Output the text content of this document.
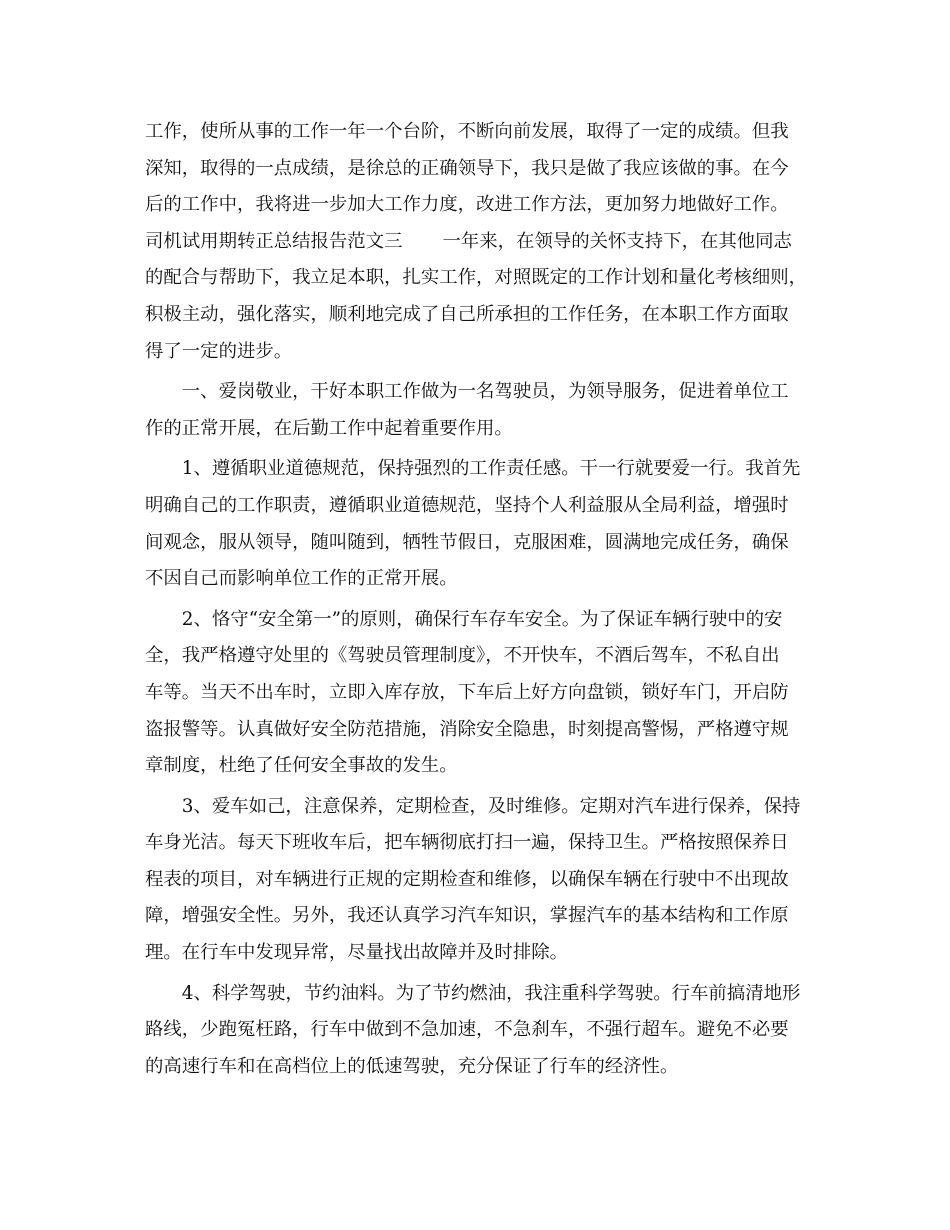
工作，使所从事的工作一年一个台阶，不断向前发展，取得了一定的成绩。但我
深知，取得的一点成绩，是徐总的正确领导下，我只是做了我应该做的事。在今
后的工作中，我将进一步加大工作力度，改进工作方法，更加努力地做好工作。
司机试用期转正总结报告范文三 一年来，在领导的关怀支持下，在其他同志
的配合与帮助下，我立足本职，扎实工作，对照既定的工作计划和量化考核细则，
积极主动，强化落实，顺利地完成了自己所承担的工作任务，在本职工作方面取
得了一定的进步。
　　一、爱岗敬业，干好本职工作做为一名驾驶员，为领导服务，促进着单位工
作的正常开展，在后勤工作中起着重要作用。
　　1、遵循职业道德规范，保持强烈的工作责任感。干一行就要爱一行。我首先
明确自己的工作职责，遵循职业道德规范，坚持个人利益服从全局利益，增强时
间观念，服从领导，随叫随到，牺牲节假日，克服困难，圆满地完成任务，确保
不因自己而影响单位工作的正常开展。
　　2、恪守“安全第一”的原则，确保行车存车安全。为了保证车辆行驶中的安
全，我严格遵守处里的《驾驶员管理制度》，不开快车，不酒后驾车，不私自出
车等。当天不出车时，立即入库存放，下车后上好方向盘锁，锁好车门，开启防
盗报警等。认真做好安全防范措施，消除安全隐患，时刻提高警惕，严格遵守规
章制度，杜绝了任何安全事故的发生。
　　3、爱车如己，注意保养，定期检查，及时维修。定期对汽车进行保养，保持
车身光洁。每天下班收车后，把车辆彻底打扫一遍，保持卫生。严格按照保养日
程表的项目，对车辆进行正规的定期检查和维修，以确保车辆在行驶中不出现故
障，增强安全性。另外，我还认真学习汽车知识，掌握汽车的基本结构和工作原
理。在行车中发现异常，尽量找出故障并及时排除。
　　4、科学驾驶，节约油料。为了节约燃油，我注重科学驾驶。行车前搞清地形
路线，少跑冤枉路，行车中做到不急加速，不急刹车，不强行超车。避免不必要
的高速行车和在高档位上的低速驾驶，充分保证了行车的经济性。
